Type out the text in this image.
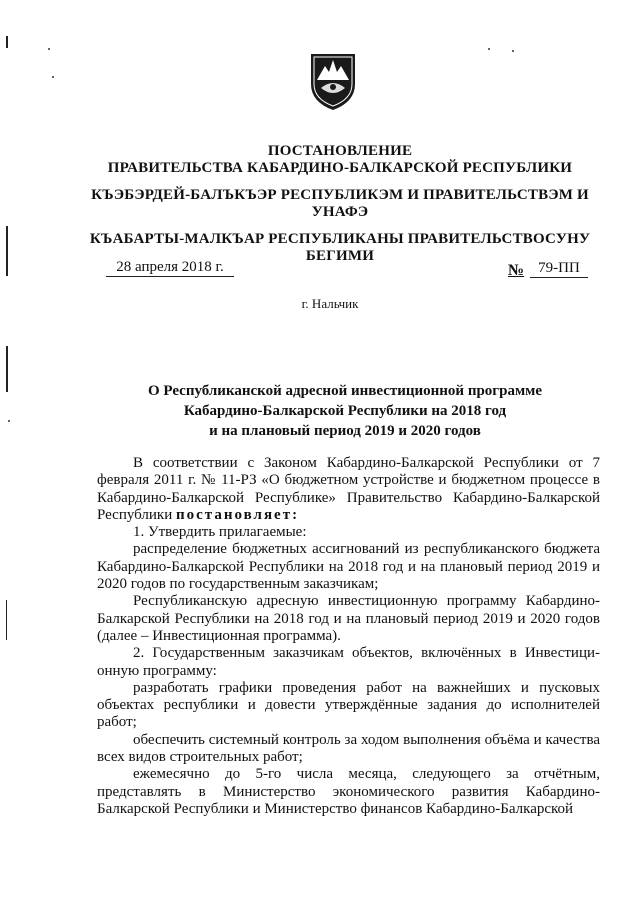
ПОСТАНОВЛЕНИЕ
ПРАВИТЕЛЬСТВА КАБАРДИНО-БАЛКАРСКОЙ РЕСПУБЛИКИ
КЪЭБЭРДЕЙ-БАЛЪКЪЭР РЕСПУБЛИКЭМ И ПРАВИТЕЛЬСТВЭМ И
УНАФЭ
КЪАБАРТЫ-МАЛКЪАР РЕСПУБЛИКАНЫ ПРАВИТЕЛЬСТВОСУНУ
БЕГИМИ
28 апреля 2018 г.	№ 79-ПП
г. Нальчик
О Республиканской адресной инвестиционной программе
Кабардино-Балкарской Республики на 2018 год
и на плановый период 2019 и 2020 годов

В соответствии с Законом Кабардино-Балкарской Республики от 7 февраля 2011 г. № 11-РЗ «О бюджетном устройстве и бюджетном процессе в Кабардино-Балкарской Республике» Правительство Кабардино-Балкарской Республики постановляет:

1. Утвердить прилагаемые:

распределение бюджетных ассигнований из республиканского бюджета Кабардино-Балкарской Республики на 2018 год и на плановый период 2019 и 2020 годов по государственным заказчикам;

Республиканскую адресную инвестиционную программу Кабардино-Балкарской Республики на 2018 год и на плановый период 2019 и 2020 годов (далее – Инвестиционная программа).

2. Государственным заказчикам объектов, включённых в Инвестици-онную программу:

разработать графики проведения работ на важнейших и пусковых объектах республики и довести утверждённые задания до исполнителей работ;

обеспечить системный контроль за ходом выполнения объёма и качества всех видов строительных работ;

ежемесячно до 5-го числа месяца, следующего за отчётным, представлять в Министерство экономического развития Кабардино-Балкарской Республики и Министерство финансов Кабардино-Балкарской
